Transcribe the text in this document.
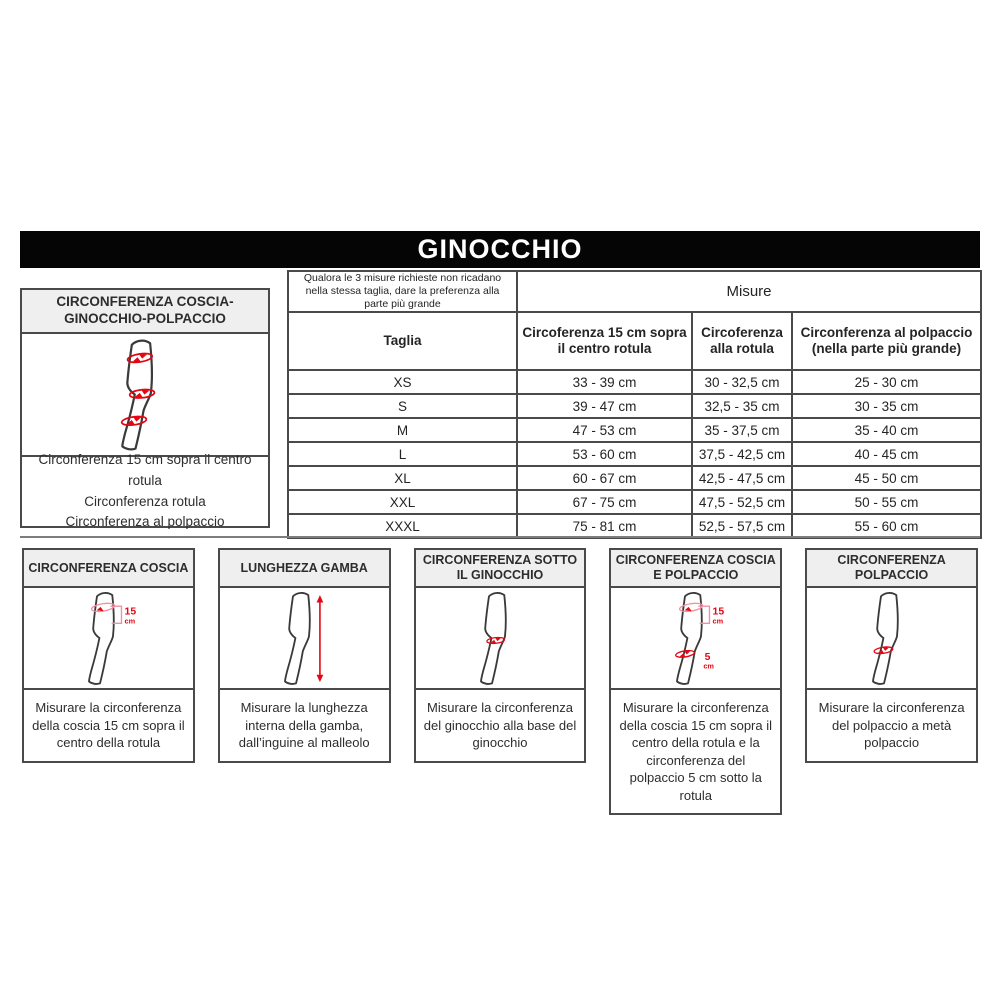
GINOCCHIO
CIRCONFERENZA COSCIA-GINOCCHIO-POLPACCIO
Circonferenza 15 cm sopra il centro rotula
Circonferenza rotula
Circonferenza al polpaccio
Qualora le 3 misure richieste non ricadano nella stessa taglia, dare la preferenza alla parte più grande	Misure		
Taglia	Circoferenza 15 cm sopra il centro rotula	Circoferenza alla rotula	Circonferenza al polpaccio (nella parte più grande)
XS	33 - 39 cm	30 - 32,5 cm	25 - 30 cm
S	39 - 47 cm	32,5 - 35 cm	30 - 35 cm
M	47 - 53 cm	35 - 37,5 cm	35 - 40 cm
L	53 - 60 cm	37,5 - 42,5 cm	40 - 45 cm
XL	60 - 67 cm	42,5 - 47,5 cm	45 - 50 cm
XXL	67 - 75 cm	47,5 - 52,5 cm	50 - 55 cm
XXXL	75 - 81 cm	52,5 - 57,5 cm	55 - 60 cm
CIRCONFERENZA COSCIA
15
cm
Misurare la circonferenza della coscia 15 cm sopra il centro della rotula
LUNGHEZZA GAMBA
Misurare la lunghezza interna della gamba, dall’inguine al malleolo
CIRCONFERENZA SOTTO IL GINOCCHIO
Misurare la circonferenza del ginocchio alla base del ginocchio
CIRCONFERENZA COSCIA E POLPACCIO
15
cm
5
cm
Misurare la circonferenza della coscia 15 cm sopra il centro della rotula e la circonferenza del polpaccio 5 cm sotto la rotula
CIRCONFERENZA POLPACCIO
Misurare la circonferenza del polpaccio a metà polpaccio
